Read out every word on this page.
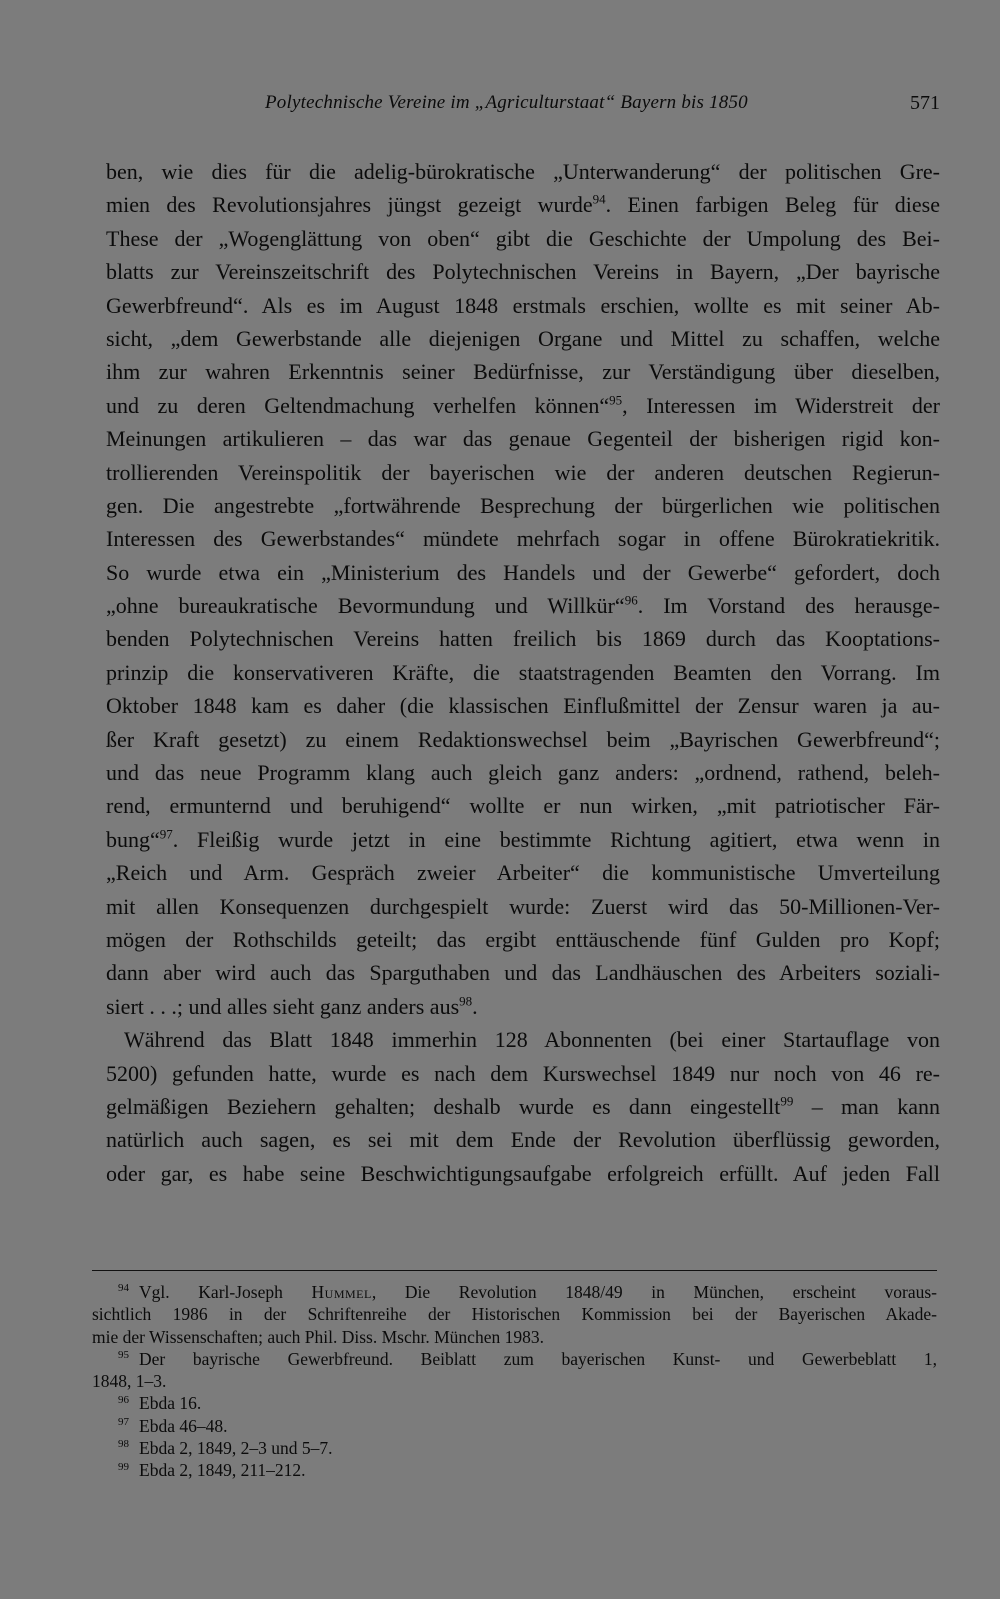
Polytechnische Vereine im „Agriculturstaat“ Bayern bis 1850	571
ben, wie dies für die adelig-bürokratische „Unterwanderung“ der politischen Gre-
mien des Revolutionsjahres jüngst gezeigt wurde$^{94}$. Einen farbigen Beleg für diese
These der „Wogenglättung von oben“ gibt die Geschichte der Umpolung des Bei-
blatts zur Vereinszeitschrift des Polytechnischen Vereins in Bayern, „Der bayrische
Gewerbfreund“. Als es im August 1848 erstmals erschien, wollte es mit seiner Ab-
sicht, „dem Gewerbstande alle diejenigen Organe und Mittel zu schaffen, welche
ihm zur wahren Erkenntnis seiner Bedürfnisse, zur Verständigung über dieselben,
und zu deren Geltendmachung verhelfen können“$^{95}$, Interessen im Widerstreit der
Meinungen artikulieren – das war das genaue Gegenteil der bisherigen rigid kon-
trollierenden Vereinspolitik der bayerischen wie der anderen deutschen Regierun-
gen. Die angestrebte „fortwährende Besprechung der bürgerlichen wie politischen
Interessen des Gewerbstandes“ mündete mehrfach sogar in offene Bürokratiekritik.
So wurde etwa ein „Ministerium des Handels und der Gewerbe“ gefordert, doch
„ohne bureaukratische Bevormundung und Willkür“$^{96}$. Im Vorstand des herausge-
benden Polytechnischen Vereins hatten freilich bis 1869 durch das Kooptations-
prinzip die konservativeren Kräfte, die staatstragenden Beamten den Vorrang. Im
Oktober 1848 kam es daher (die klassischen Einflußmittel der Zensur waren ja au-
ßer Kraft gesetzt) zu einem Redaktionswechsel beim „Bayrischen Gewerbfreund“;
und das neue Programm klang auch gleich ganz anders: „ordnend, rathend, beleh-
rend, ermunternd und beruhigend“ wollte er nun wirken, „mit patriotischer Fär-
bung“$^{97}$. Fleißig wurde jetzt in eine bestimmte Richtung agitiert, etwa wenn in
„Reich und Arm. Gespräch zweier Arbeiter“ die kommunistische Umverteilung
mit allen Konsequenzen durchgespielt wurde: Zuerst wird das 50-Millionen-Ver-
mögen der Rothschilds geteilt; das ergibt enttäuschende fünf Gulden pro Kopf;
dann aber wird auch das Sparguthaben und das Landhäuschen des Arbeiters soziali-
siert . . .; und alles sieht ganz anders aus$^{98}$.
Während das Blatt 1848 immerhin 128 Abonnenten (bei einer Startauflage von
5200) gefunden hatte, wurde es nach dem Kurswechsel 1849 nur noch von 46 re-
gelmäßigen Beziehern gehalten; deshalb wurde es dann eingestellt$^{99}$ – man kann
natürlich auch sagen, es sei mit dem Ende der Revolution überflüssig geworden,
oder gar, es habe seine Beschwichtigungsaufgabe erfolgreich erfüllt. Auf jeden Fall
$^{94}$ Vgl. Karl-Joseph Hummel, Die Revolution 1848/49 in München, erscheint voraus-
sichtlich 1986 in der Schriftenreihe der Historischen Kommission bei der Bayerischen Akade-
mie der Wissenschaften; auch Phil. Diss. Mschr. München 1983.
$^{95}$ Der bayrische Gewerbfreund. Beiblatt zum bayerischen Kunst- und Gewerbeblatt 1,
1848, 1–3.
$^{96}$ Ebda 16.
$^{97}$ Ebda 46–48.
$^{98}$ Ebda 2, 1849, 2–3 und 5–7.
$^{99}$ Ebda 2, 1849, 211–212.
